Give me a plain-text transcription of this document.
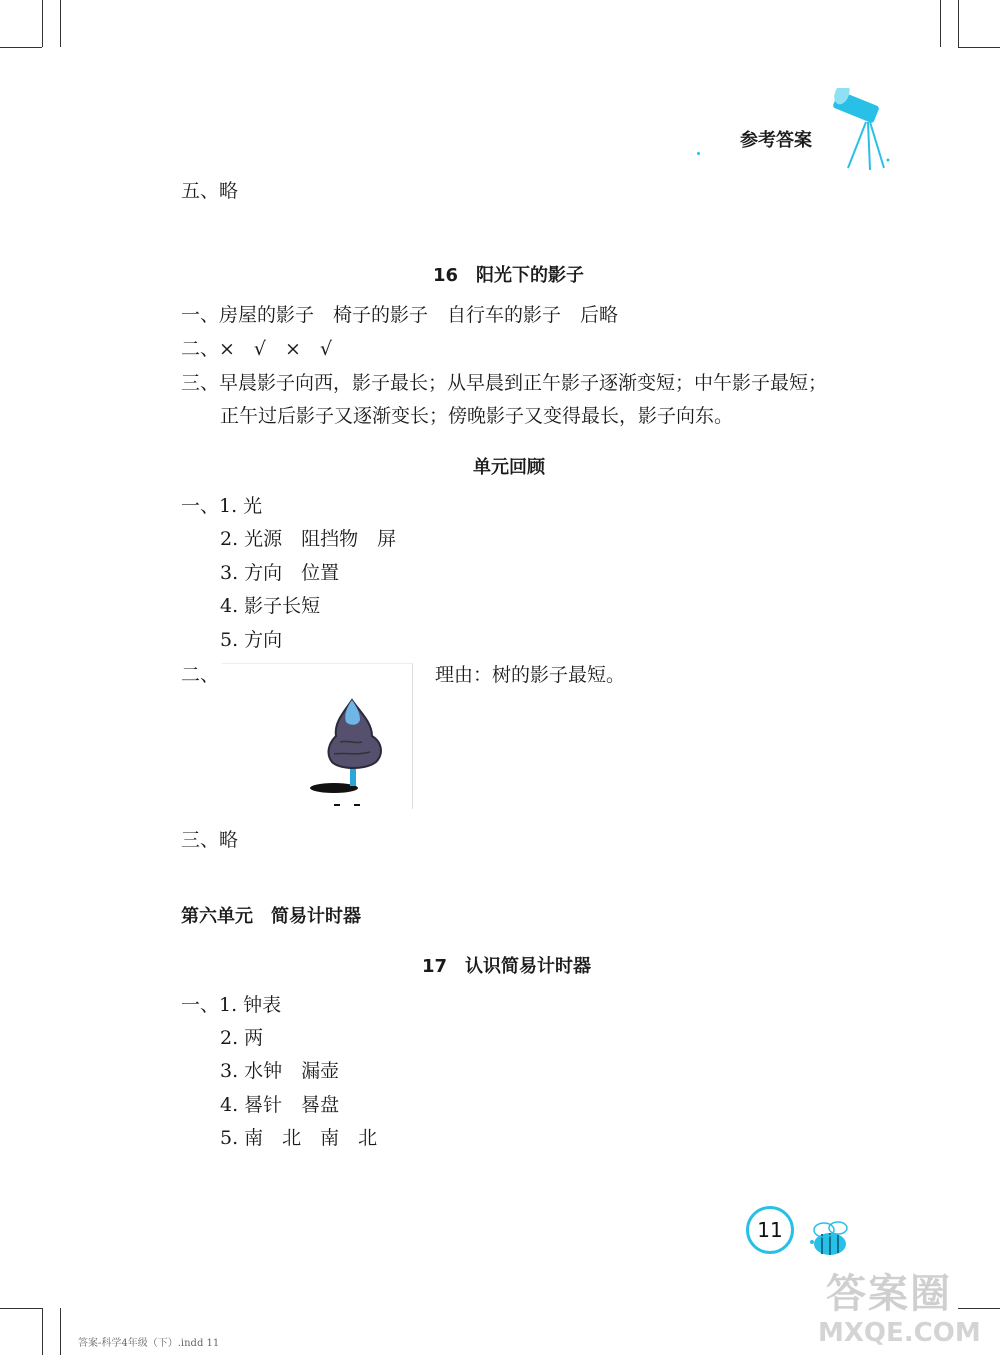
参考答案
五、略
16　阳光下的影子
一、房屋的影子　椅子的影子　自行车的影子　后略
二、×　√　×　√
三、早晨影子向西，影子最长；从早晨到正午影子逐渐变短；中午影子最短；
正午过后影子又逐渐变长；傍晚影子又变得最长，影子向东。
单元回顾
一、1. 光
2. 光源　阻挡物　屏
3. 方向　位置
4. 影子长短
5. 方向
二、	理由：树的影子最短。
三、略
第六单元　简易计时器
17　认识简易计时器
一、1. 钟表
2. 两
3. 水钟　漏壶
4. 晷针　晷盘
5. 南　北　南　北
11
答案圈
MXQE.COM
答案-科学4年级（下）.indd 11
